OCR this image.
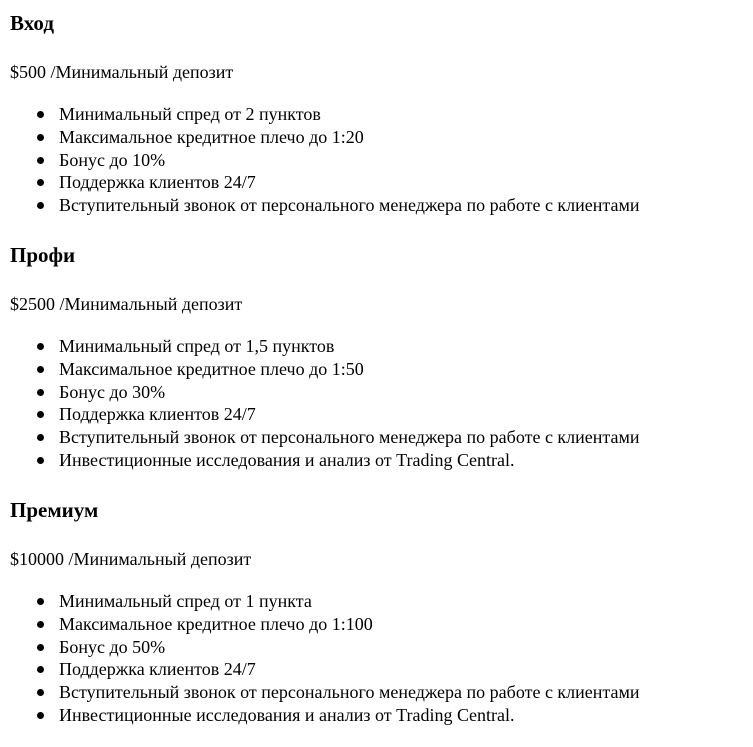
Вход

$500 /Минимальный депозит

Минимальный спред от 2 пунктов
Максимальное кредитное плечо до 1:20
Бонус до 10%
Поддержка клиентов 24/7
Вступительный звонок от персонального менеджера по работе с клиентами
Профи

$2500 /Минимальный депозит

Минимальный спред от 1,5 пунктов
Максимальное кредитное плечо до 1:50
Бонус до 30%
Поддержка клиентов 24/7
Вступительный звонок от персонального менеджера по работе с клиентами
Инвестиционные исследования и анализ от Trading Central.
Премиум

$10000 /Минимальный депозит

Минимальный спред от 1 пункта
Максимальное кредитное плечо до 1:100
Бонус до 50%
Поддержка клиентов 24/7
Вступительный звонок от персонального менеджера по работе с клиентами
Инвестиционные исследования и анализ от Trading Central.
